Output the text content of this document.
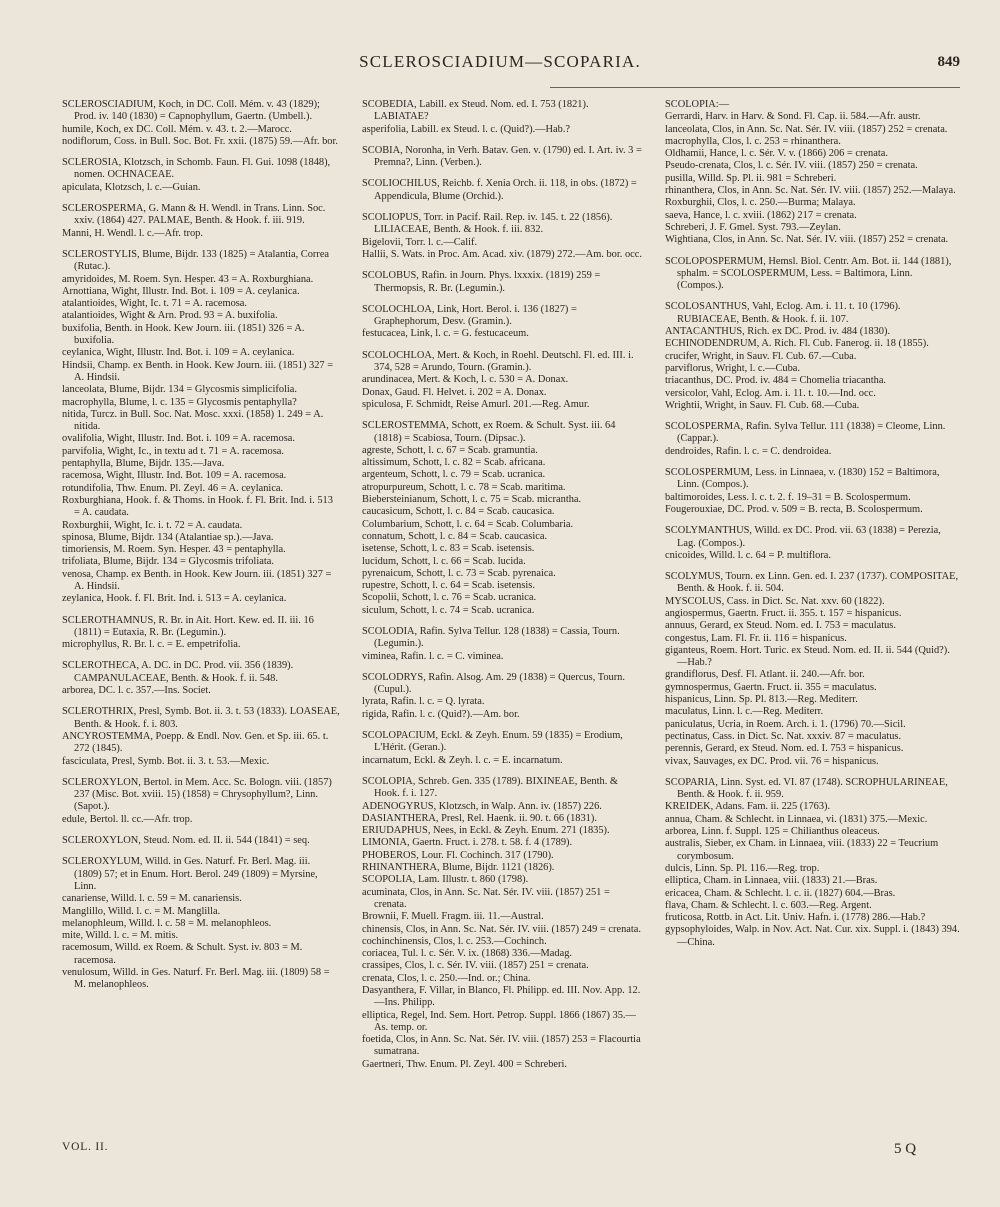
SCLEROSCIADIUM—SCOPARIA.	849
SCLEROSCIADIUM, Koch, in DC. Coll. Mém. v. 43 (1829); Prod. iv. 140 (1830) = Capnophyllum, Gaertn. (Umbell.).
humile, Koch, ex DC. Coll. Mém. v. 43. t. 2.—Marocc.
nodiflorum, Coss. in Bull. Soc. Bot. Fr. xxii. (1875) 59.—Afr. bor.
SCLEROSIA, Klotzsch, in Schomb. Faun. Fl. Gui. 1098 (1848), nomen. OCHNACEAE.
apiculata, Klotzsch, l. c.—Guian.
SCLEROSPERMA, G. Mann & H. Wendl. in Trans. Linn. Soc. xxiv. (1864) 427. PALMAE, Benth. & Hook. f. iii. 919.
Manni, H. Wendl. l. c.—Afr. trop.
SCLEROSTYLIS, Blume, Bijdr. 133 (1825) = Atalantia, Correa (Rutac.).
amyridoides, M. Roem. Syn. Hesper. 43 = A. Roxburghiana.
Arnottiana, Wight, Illustr. Ind. Bot. i. 109 = A. ceylanica.
atalantioides, Wight, Ic. t. 71 = A. racemosa.
atalantioides, Wight & Arn. Prod. 93 = A. buxifolia.
buxifolia, Benth. in Hook. Kew Journ. iii. (1851) 326 = A. buxifolia.
ceylanica, Wight, Illustr. Ind. Bot. i. 109 = A. ceylanica.
Hindsii, Champ. ex Benth. in Hook. Kew Journ. iii. (1851) 327 = A. Hindsii.
lanceolata, Blume, Bijdr. 134 = Glycosmis simplicifolia.
macrophylla, Blume, l. c. 135 = Glycosmis pentaphylla?
nitida, Turcz. in Bull. Soc. Nat. Mosc. xxxi. (1858) 1. 249 = A. nitida.
ovalifolia, Wight, Illustr. Ind. Bot. i. 109 = A. racemosa.
parvifolia, Wight, Ic., in textu ad t. 71 = A. racemosa.
pentaphylla, Blume, Bijdr. 135.—Java.
racemosa, Wight, Illustr. Ind. Bot. 109 = A. racemosa.
rotundifolia, Thw. Enum. Pl. Zeyl. 46 = A. ceylanica.
Roxburghiana, Hook. f. & Thoms. in Hook. f. Fl. Brit. Ind. i. 513 = A. caudata.
Roxburghii, Wight, Ic. i. t. 72 = A. caudata.
spinosa, Blume, Bijdr. 134 (Atalantiae sp.).—Java.
timoriensis, M. Roem. Syn. Hesper. 43 = pentaphylla.
trifoliata, Blume, Bijdr. 134 = Glycosmis trifoliata.
venosa, Champ. ex Benth. in Hook. Kew Journ. iii. (1851) 327 = A. Hindsii.
zeylanica, Hook. f. Fl. Brit. Ind. i. 513 = A. ceylanica.
SCLEROTHAMNUS, R. Br. in Ait. Hort. Kew. ed. II. iii. 16 (1811) = Eutaxia, R. Br. (Legumin.).
microphyllus, R. Br. l. c. = E. empetrifolia.
SCLEROTHECA, A. DC. in DC. Prod. vii. 356 (1839). CAMPANULACEAE, Benth. & Hook. f. ii. 548.
arborea, DC. l. c. 357.—Ins. Societ.
SCLEROTHRIX, Presl, Symb. Bot. ii. 3. t. 53 (1833). LOASEAE, Benth. & Hook. f. i. 803.
ANCYROSTEMMA, Poepp. & Endl. Nov. Gen. et Sp. iii. 65. t. 272 (1845).
fasciculata, Presl, Symb. Bot. ii. 3. t. 53.—Mexic.
SCLEROXYLON, Bertol. in Mem. Acc. Sc. Bologn. viii. (1857) 237 (Misc. Bot. xviii. 15) (1858) = Chrysophyllum?, Linn. (Sapot.).
edule, Bertol. ll. cc.—Afr. trop.
SCLEROXYLON, Steud. Nom. ed. II. ii. 544 (1841) = seq.
SCLEROXYLUM, Willd. in Ges. Naturf. Fr. Berl. Mag. iii. (1809) 57; et in Enum. Hort. Berol. 249 (1809) = Myrsine, Linn.
canariense, Willd. l. c. 59 = M. canariensis.
Manglillo, Willd. l. c. = M. Manglilla.
melanophleum, Willd. l. c. 58 = M. melanophleos.
mite, Willd. l. c. = M. mitis.
racemosum, Willd. ex Roem. & Schult. Syst. iv. 803 = M. racemosa.
venulosum, Willd. in Ges. Naturf. Fr. Berl. Mag. iii. (1809) 58 = M. melanophleos.
SCOBEDIA, Labill. ex Steud. Nom. ed. I. 753 (1821). LABIATAE?
asperifolia, Labill. ex Steud. l. c. (Quid?).—Hab.?
SCOBIA, Noronha, in Verh. Batav. Gen. v. (1790) ed. I. Art. iv. 3 = Premna?, Linn. (Verben.).
SCOLIOCHILUS, Reichb. f. Xenia Orch. ii. 118, in obs. (1872) = Appendicula, Blume (Orchid.).
SCOLIOPUS, Torr. in Pacif. Rail. Rep. iv. 145. t. 22 (1856). LILIACEAE, Benth. & Hook. f. iii. 832.
Bigelovii, Torr. l. c.—Calif.
Hallii, S. Wats. in Proc. Am. Acad. xiv. (1879) 272.—Am. bor. occ.
SCOLOBUS, Rafin. in Journ. Phys. lxxxix. (1819) 259 = Thermopsis, R. Br. (Legumin.).
SCOLOCHLOA, Link, Hort. Berol. i. 136 (1827) = Graphephorum, Desv. (Gramin.).
festucacea, Link, l. c. = G. festucaceum.
SCOLOCHLOA, Mert. & Koch, in Roehl. Deutschl. Fl. ed. III. i. 374, 528 = Arundo, Tourn. (Gramin.).
arundinacea, Mert. & Koch, l. c. 530 = A. Donax.
Donax, Gaud. Fl. Helvet. i. 202 = A. Donax.
spiculosa, F. Schmidt, Reise Amurl. 201.—Reg. Amur.
SCLEROSTEMMA, Schott, ex Roem. & Schult. Syst. iii. 64 (1818) = Scabiosa, Tourn. (Dipsac.).
agreste, Schott, l. c. 67 = Scab. gramuntia.
altissimum, Schott, l. c. 82 = Scab. africana.
argenteum, Schott, l. c. 79 = Scab. ucranica.
atropurpureum, Schott, l. c. 78 = Scab. maritima.
Biebersteinianum, Schott, l. c. 75 = Scab. micrantha.
caucasicum, Schott, l. c. 84 = Scab. caucasica.
Columbarium, Schott, l. c. 64 = Scab. Columbaria.
connatum, Schott, l. c. 84 = Scab. caucasica.
isetense, Schott, l. c. 83 = Scab. isetensis.
lucidum, Schott, l. c. 66 = Scab. lucida.
pyrenaicum, Schott, l. c. 73 = Scab. pyrenaica.
rupestre, Schott, l. c. 64 = Scab. isetensis.
Scopolii, Schott, l. c. 76 = Scab. ucranica.
siculum, Schott, l. c. 74 = Scab. ucranica.
SCOLODIA, Rafin. Sylva Tellur. 128 (1838) = Cassia, Tourn. (Legumin.).
viminea, Rafin. l. c. = C. viminea.
SCOLODRYS, Rafin. Alsog. Am. 29 (1838) = Quercus, Tourn. (Cupul.).
lyrata, Rafin. l. c. = Q. lyrata.
rigida, Rafin. l. c. (Quid?).—Am. bor.
SCOLOPACIUM, Eckl. & Zeyh. Enum. 59 (1835) = Erodium, L'Hérit. (Geran.).
incarnatum, Eckl. & Zeyh. l. c. = E. incarnatum.
SCOLOPIA, Schreb. Gen. 335 (1789). BIXINEAE, Benth. & Hook. f. i. 127.
ADENOGYRUS, Klotzsch, in Walp. Ann. iv. (1857) 226.
DASIANTHERA, Presl, Rel. Haenk. ii. 90. t. 66 (1831).
ERIUDAPHUS, Nees, in Eckl. & Zeyh. Enum. 271 (1835).
LIMONIA, Gaertn. Fruct. i. 278. t. 58. f. 4 (1789).
PHOBEROS, Lour. Fl. Cochinch. 317 (1790).
RHINANTHERA, Blume, Bijdr. 1121 (1826).
SCOPOLIA, Lam. Illustr. t. 860 (1798).
acuminata, Clos, in Ann. Sc. Nat. Sér. IV. viii. (1857) 251 = crenata.
Brownii, F. Muell. Fragm. iii. 11.—Austral.
chinensis, Clos, in Ann. Sc. Nat. Sér. IV. viii. (1857) 249 = crenata.
cochinchinensis, Clos, l. c. 253.—Cochinch.
coriacea, Tul. l. c. Sér. V. ix. (1868) 336.—Madag.
crassipes, Clos, l. c. Sér. IV. viii. (1857) 251 = crenata.
crenata, Clos, l. c. 250.—Ind. or.; China.
Dasyanthera, F. Villar, in Blanco, Fl. Philipp. ed. III. Nov. App. 12.—Ins. Philipp.
elliptica, Regel, Ind. Sem. Hort. Petrop. Suppl. 1866 (1867) 35.—As. temp. or.
foetida, Clos, in Ann. Sc. Nat. Sér. IV. viii. (1857) 253 = Flacourtia sumatrana.
Gaertneri, Thw. Enum. Pl. Zeyl. 400 = Schreberi.
SCOLOPIA:—
Gerrardi, Harv. in Harv. & Sond. Fl. Cap. ii. 584.—Afr. austr.
lanceolata, Clos, in Ann. Sc. Nat. Sér. IV. viii. (1857) 252 = crenata.
macrophylla, Clos, l. c. 253 = rhinanthera.
Oldhamii, Hance, l. c. Sér. V. v. (1866) 206 = crenata.
Pseudo-crenata, Clos, l. c. Sér. IV. viii. (1857) 250 = crenata.
pusilla, Willd. Sp. Pl. ii. 981 = Schreberi.
rhinanthera, Clos, in Ann. Sc. Nat. Sér. IV. viii. (1857) 252.—Malaya.
Roxburghii, Clos, l. c. 250.—Burma; Malaya.
saeva, Hance, l. c. xviii. (1862) 217 = crenata.
Schreberi, J. F. Gmel. Syst. 793.—Zeylan.
Wightiana, Clos, in Ann. Sc. Nat. Sér. IV. viii. (1857) 252 = crenata.
SCOLOPOSPERMUM, Hemsl. Biol. Centr. Am. Bot. ii. 144 (1881), sphalm. = SCOLOSPERMUM, Less. = Baltimora, Linn. (Compos.).
SCOLOSANTHUS, Vahl, Eclog. Am. i. 11. t. 10 (1796). RUBIACEAE, Benth. & Hook. f. ii. 107.
ANTACANTHUS, Rich. ex DC. Prod. iv. 484 (1830).
ECHINODENDRUM, A. Rich. Fl. Cub. Fanerog. ii. 18 (1855).
crucifer, Wright, in Sauv. Fl. Cub. 67.—Cuba.
parviflorus, Wright, l. c.—Cuba.
triacanthus, DC. Prod. iv. 484 = Chomelia triacantha.
versicolor, Vahl, Eclog. Am. i. 11. t. 10.—Ind. occ.
Wrightii, Wright, in Sauv. Fl. Cub. 68.—Cuba.
SCOLOSPERMA, Rafin. Sylva Tellur. 111 (1838) = Cleome, Linn. (Cappar.).
dendroides, Rafin. l. c. = C. dendroidea.
SCOLOSPERMUM, Less. in Linnaea, v. (1830) 152 = Baltimora, Linn. (Compos.).
baltimoroides, Less. l. c. t. 2. f. 19–31 = B. Scolospermum.
Fougerouxiae, DC. Prod. v. 509 = B. recta, B. Scolospermum.
SCOLYMANTHUS, Willd. ex DC. Prod. vii. 63 (1838) = Perezia, Lag. (Compos.).
cnicoides, Willd. l. c. 64 = P. multiflora.
SCOLYMUS, Tourn. ex Linn. Gen. ed. I. 237 (1737). COMPOSITAE, Benth. & Hook. f. ii. 504.
MYSCOLUS, Cass. in Dict. Sc. Nat. xxv. 60 (1822).
angiospermus, Gaertn. Fruct. ii. 355. t. 157 = hispanicus.
annuus, Gerard, ex Steud. Nom. ed. I. 753 = maculatus.
congestus, Lam. Fl. Fr. ii. 116 = hispanicus.
giganteus, Roem. Hort. Turic. ex Steud. Nom. ed. II. ii. 544 (Quid?).—Hab.?
grandiflorus, Desf. Fl. Atlant. ii. 240.—Afr. bor.
gymnospermus, Gaertn. Fruct. ii. 355 = maculatus.
hispanicus, Linn. Sp. Pl. 813.—Reg. Mediterr.
maculatus, Linn. l. c.—Reg. Mediterr.
paniculatus, Ucria, in Roem. Arch. i. 1. (1796) 70.—Sicil.
pectinatus, Cass. in Dict. Sc. Nat. xxxiv. 87 = maculatus.
perennis, Gerard, ex Steud. Nom. ed. I. 753 = hispanicus.
vivax, Sauvages, ex DC. Prod. vii. 76 = hispanicus.
SCOPARIA, Linn. Syst. ed. VI. 87 (1748). SCROPHULARINEAE, Benth. & Hook. f. ii. 959.
KREIDEK, Adans. Fam. ii. 225 (1763).
annua, Cham. & Schlecht. in Linnaea, vi. (1831) 375.—Mexic.
arborea, Linn. f. Suppl. 125 = Chilianthus oleaceus.
australis, Sieber, ex Cham. in Linnaea, viii. (1833) 22 = Teucrium corymbosum.
dulcis, Linn. Sp. Pl. 116.—Reg. trop.
elliptica, Cham. in Linnaea, viii. (1833) 21.—Bras.
ericacea, Cham. & Schlecht. l. c. ii. (1827) 604.—Bras.
flava, Cham. & Schlecht. l. c. 603.—Reg. Argent.
fruticosa, Rottb. in Act. Lit. Univ. Hafn. i. (1778) 286.—Hab.?
gypsophyloides, Walp. in Nov. Act. Nat. Cur. xix. Suppl. i. (1843) 394.—China.
VOL. II.	5 Q
